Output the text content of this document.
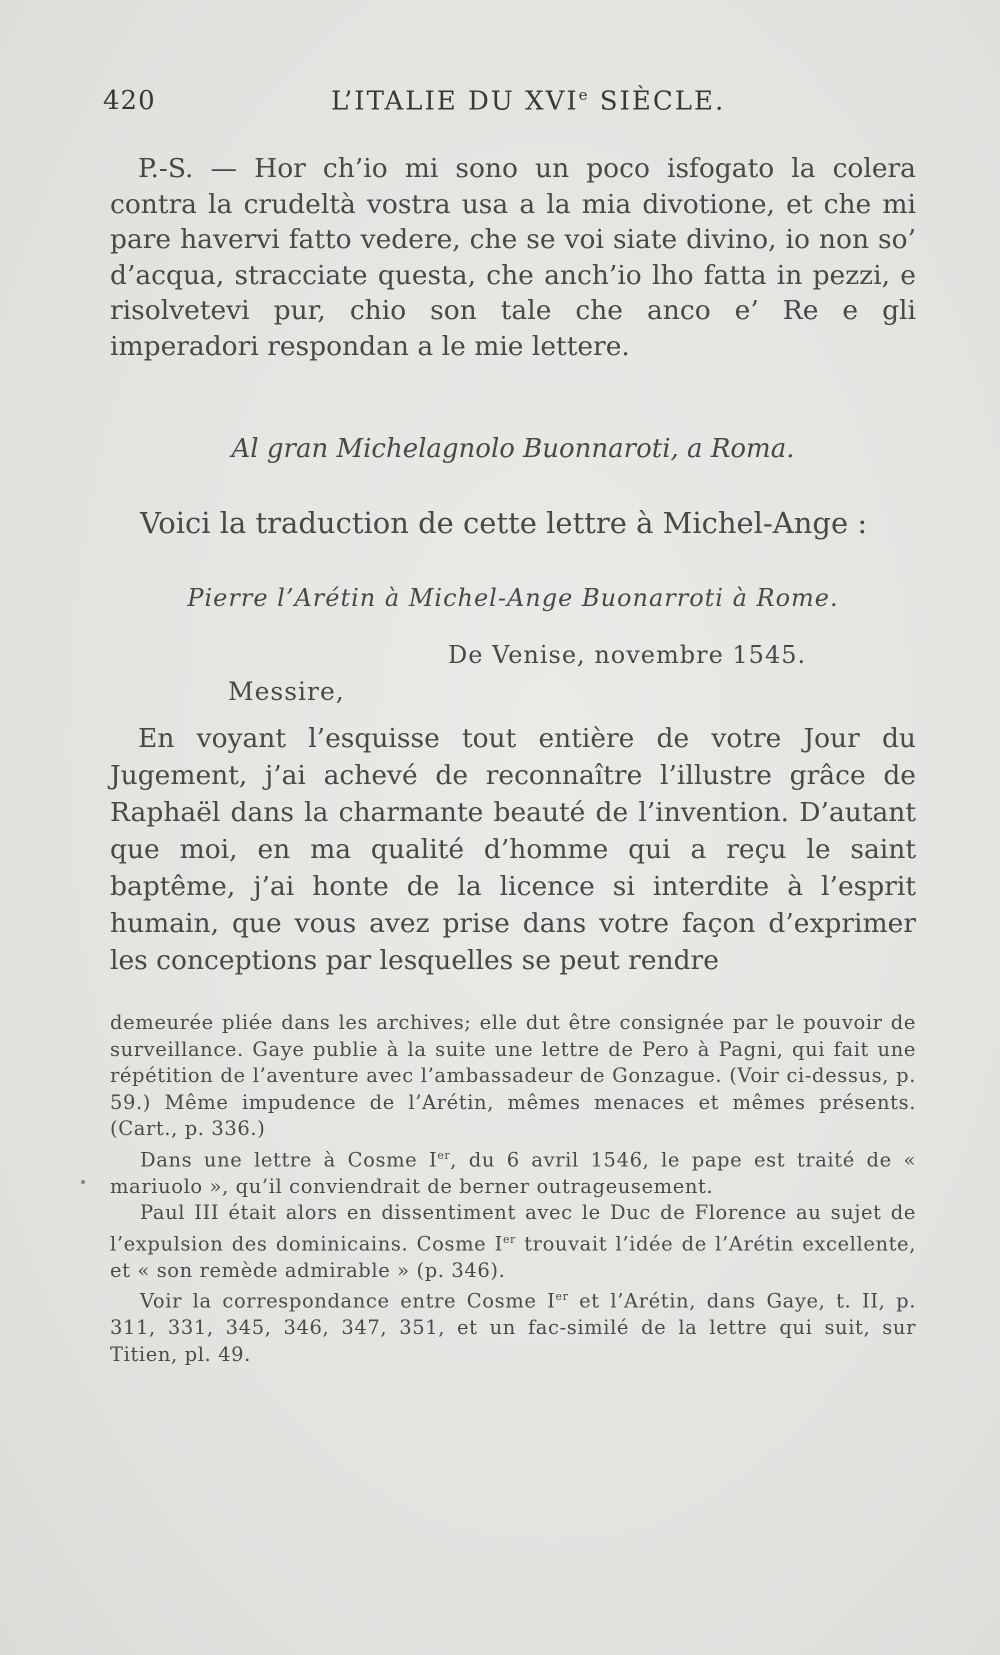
420	L’ITALIE DU XVIe SIÈCLE.

P.-S. — Hor ch’io mi sono un poco isfogato la colera contra la crudeltà vostra usa a la mia divotione, et che mi pare havervi fatto vedere, che se voi siate divino, io non so’ d’acqua, stracciate questa, che anch’io lho fatta in pezzi, e risolvetevi pur, chio son tale che anco e’ Re e gli imperadori respondan a le mie lettere.

Al gran Michelagnolo Buonnaroti, a Roma.
Voici la traduction de cette lettre à Michel-Ange :
Pierre l’Arétin à Michel-Ange Buonarroti à Rome.
De Venise, novembre 1545.
Messire,

En voyant l’esquisse tout entière de votre Jour du Jugement, j’ai achevé de reconnaître l’illustre grâce de Raphaël dans la charmante beauté de l’invention. D’autant que moi, en ma qualité d’homme qui a reçu le saint baptême, j’ai honte de la licence si interdite à l’esprit humain, que vous avez prise dans votre façon d’exprimer les conceptions par lesquelles se peut rendre

demeurée pliée dans les archives; elle dut être consignée par le pouvoir de surveillance. Gaye publie à la suite une lettre de Pero à Pagni, qui fait une répétition de l’aventure avec l’ambassadeur de Gonzague. (Voir ci-dessus, p. 59.) Même impudence de l’Arétin, mêmes menaces et mêmes présents. (Cart., p. 336.)

Dans une lettre à Cosme Ier, du 6 avril 1546, le pape est traité de « mariuolo », qu’il conviendrait de berner outrageusement.

Paul III était alors en dissentiment avec le Duc de Florence au sujet de l’expulsion des dominicains. Cosme Ier trouvait l’idée de l’Arétin excellente, et « son remède admirable » (p. 346).

Voir la correspondance entre Cosme Ier et l’Arétin, dans Gaye, t. II, p. 311, 331, 345, 346, 347, 351, et un fac-similé de la lettre qui suit, sur Titien, pl. 49.
